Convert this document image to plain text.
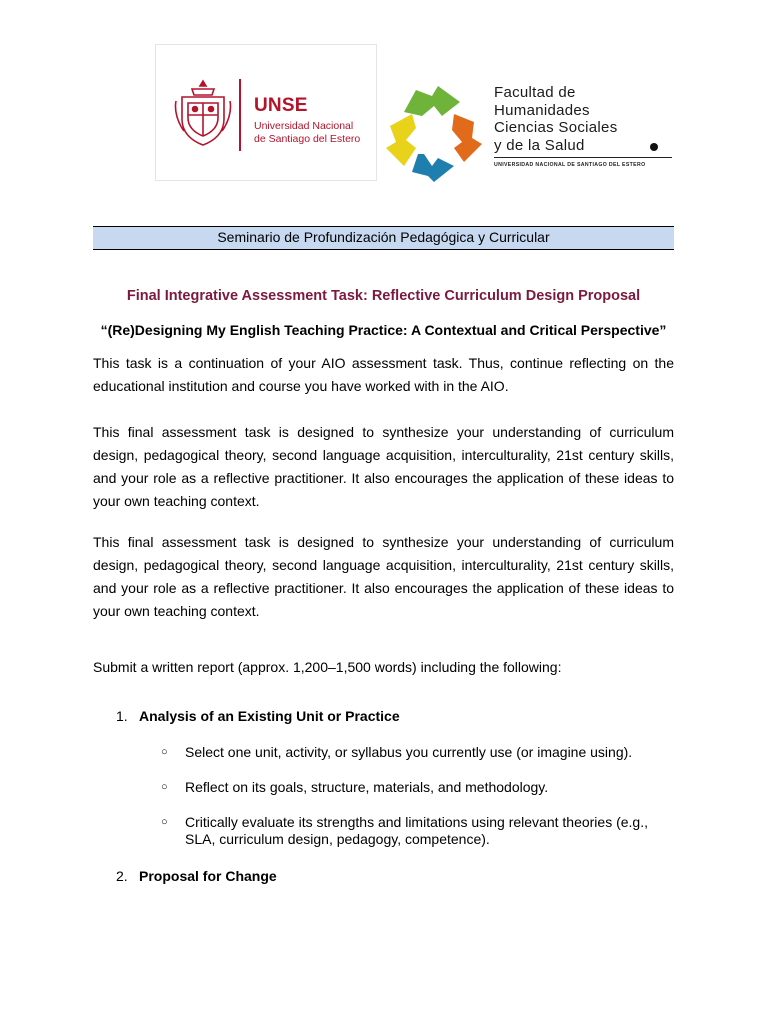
UNSE
Universidad Nacional
de Santiago del Estero
Facultad de
Humanidades
Ciencias Sociales
y de la Salud
UNIVERSIDAD NACIONAL DE SANTIAGO DEL ESTERO
Seminario de Profundización Pedagógica y Curricular
Final Integrative Assessment Task: Reflective Curriculum Design Proposal
“(Re)Designing My English Teaching Practice: A Contextual and Critical Perspective”
This task is a continuation of your AIO assessment task. Thus, continue reflecting on the educational institution and course you have worked with in the AIO.
This final assessment task is designed to synthesize your understanding of curriculum design, pedagogical theory, second language acquisition, interculturality, 21st century skills, and your role as a reflective practitioner. It also encourages the application of these ideas to your own teaching context.
This final assessment task is designed to synthesize your understanding of curriculum design, pedagogical theory, second language acquisition, interculturality, 21st century skills, and your role as a reflective practitioner. It also encourages the application of these ideas to your own teaching context.
Submit a written report (approx. 1,200–1,500 words) including the following:
1. Analysis of an Existing Unit or Practice
○ Select one unit, activity, or syllabus you currently use (or imagine using).
○ Reflect on its goals, structure, materials, and methodology.
○ Critically evaluate its strengths and limitations using relevant theories (e.g., SLA, curriculum design, pedagogy, competence).
2. Proposal for Change
